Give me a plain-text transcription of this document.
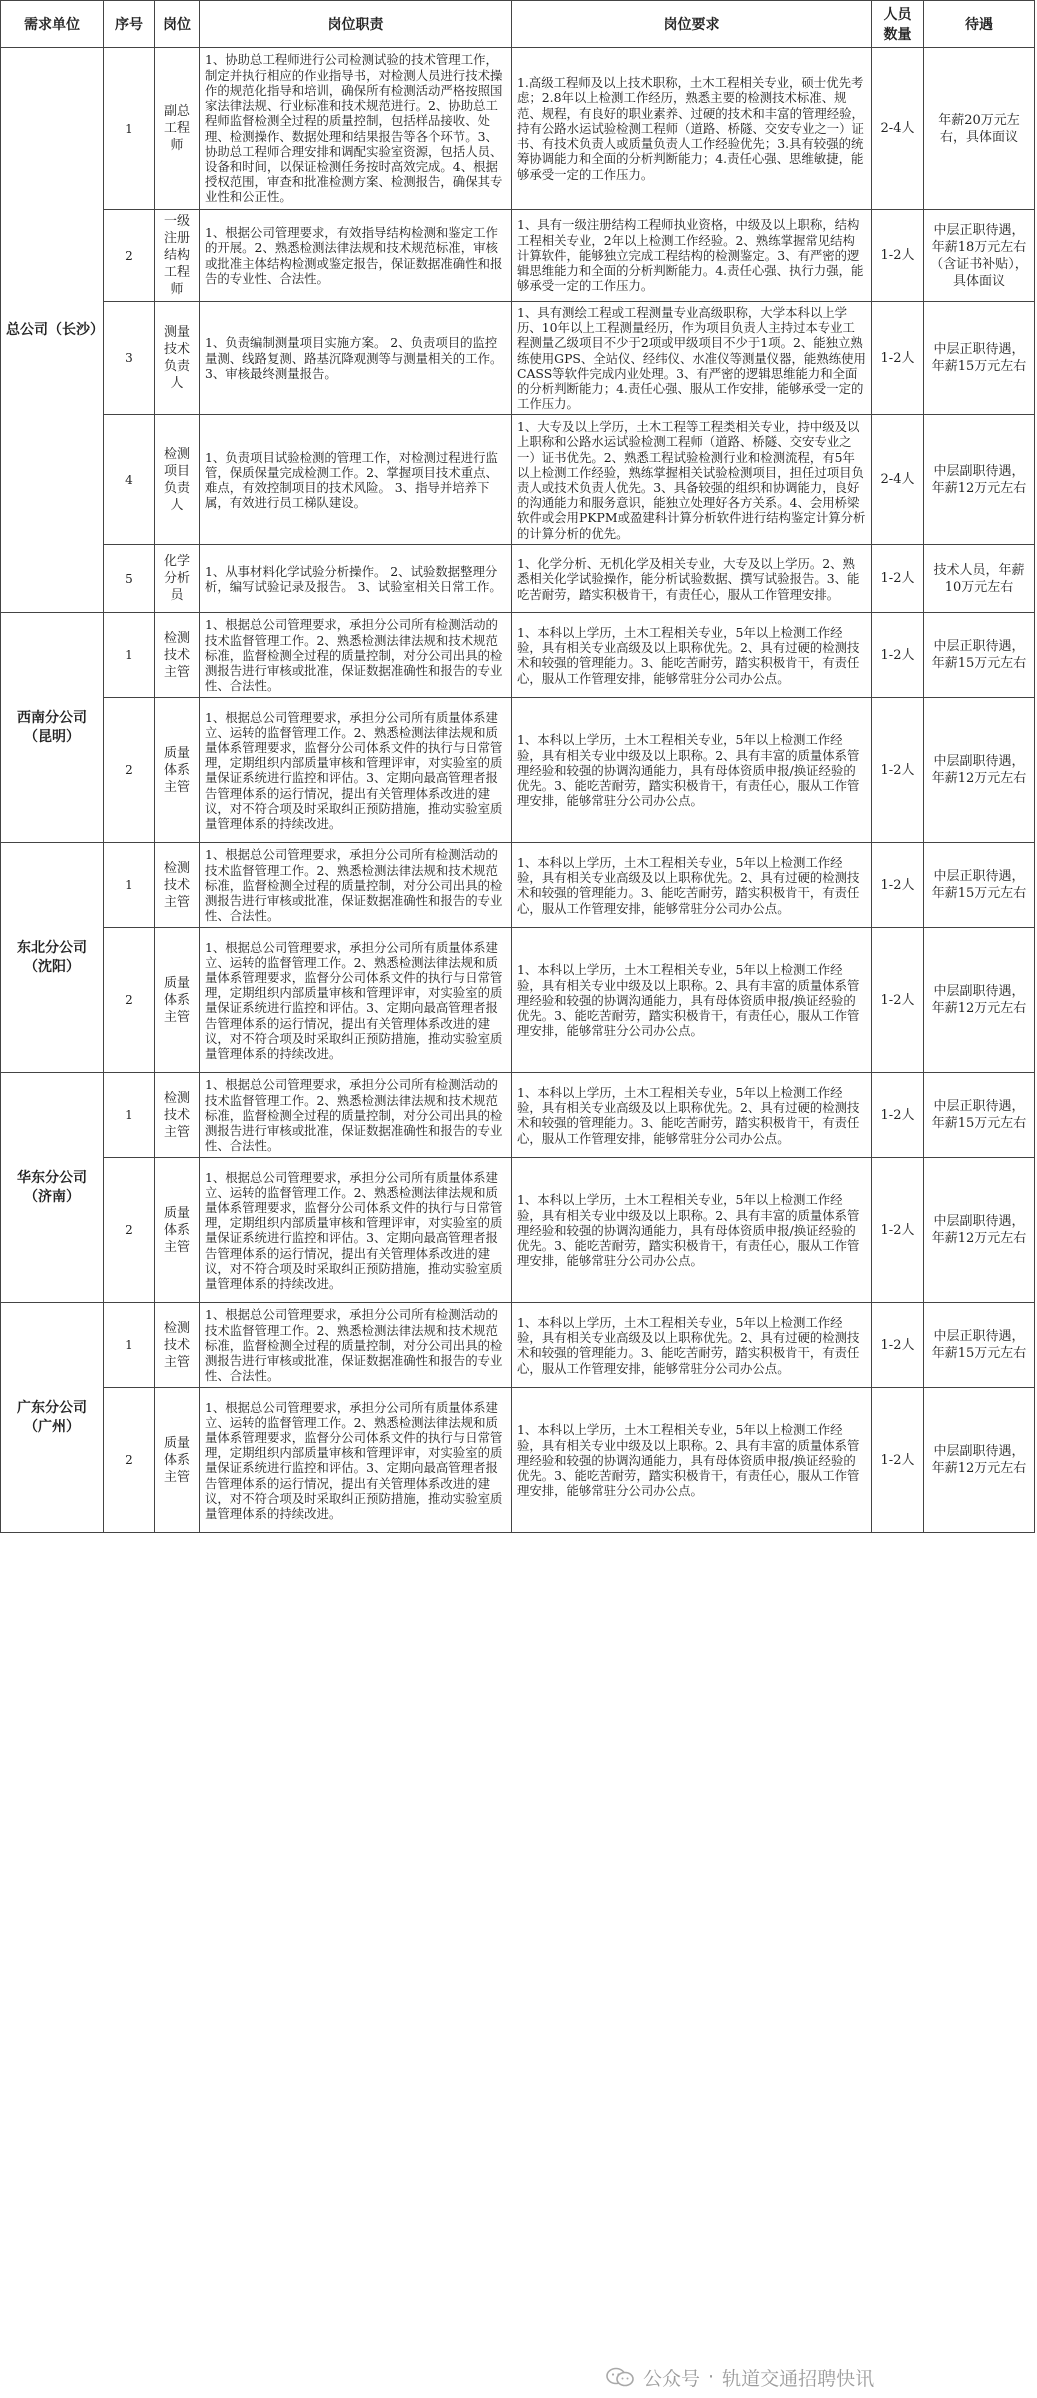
需求单位	序号	岗位	岗位职责	岗位要求	人员数量	待遇
总公司（长沙）	1	副总工程师	1、协助总工程师进行公司检测试验的技术管理工作，制定并执行相应的作业指导书，对检测人员进行技术操作的规范化指导和培训，确保所有检测活动严格按照国家法律法规、行业标准和技术规范进行。2、协助总工程师监督检测全过程的质量控制，包括样品接收、处理、检测操作、数据处理和结果报告等各个环节。3、协助总工程师合理安排和调配实验室资源，包括人员、设备和时间，以保证检测任务按时高效完成。4、根据授权范围，审查和批准检测方案、检测报告，确保其专业性和公正性。	1.高级工程师及以上技术职称，土木工程相关专业，硕士优先考虑；2.8年以上检测工作经历，熟悉主要的检测技术标准、规范、规程，有良好的职业素养、过硬的技术和丰富的管理经验，持有公路水运试验检测工程师（道路、桥隧、交安专业之一）证书、有技术负责人或质量负责人工作经验优先；3.具有较强的统筹协调能力和全面的分析判断能力；4.责任心强、思维敏捷，能够承受一定的工作压力。	2-4人	年薪20万元左右，具体面议
	2	一级注册结构工程师	1、根据公司管理要求，有效指导结构检测和鉴定工作的开展。2、熟悉检测法律法规和技术规范标准，审核或批准主体结构检测或鉴定报告，保证数据准确性和报告的专业性、合法性。	1、具有一级注册结构工程师执业资格，中级及以上职称，结构工程相关专业，2年以上检测工作经验。2、熟练掌握常见结构计算软件，能够独立完成工程结构的检测鉴定。3、有严密的逻辑思维能力和全面的分析判断能力。4.责任心强、执行力强，能够承受一定的工作压力。	1-2人	中层正职待遇，年薪18万元左右（含证书补贴），具体面议
	3	测量技术负责人	1、负责编制测量项目实施方案。 2、负责项目的监控量测、线路复测、路基沉降观测等与测量相关的工作。 3、审核最终测量报告。	1、具有测绘工程或工程测量专业高级职称，大学本科以上学历、10年以上工程测量经历，作为项目负责人主持过本专业工程测量乙级项目不少于2项或甲级项目不少于1项。2、能独立熟练使用GPS、全站仪、经纬仪、水准仪等测量仪器，能熟练使用CASS等软件完成内业处理。3、有严密的逻辑思维能力和全面的分析判断能力；4.责任心强、服从工作安排，能够承受一定的工作压力。	1-2人	中层正职待遇，年薪15万元左右
	4	检测项目负责人	1、负责项目试验检测的管理工作，对检测过程进行监管，保质保量完成检测工作。2、掌握项目技术重点、难点，有效控制项目的技术风险。 3、指导并培养下属，有效进行员工梯队建设。	1、大专及以上学历，土木工程等工程类相关专业，持中级及以上职称和公路水运试验检测工程师（道路、桥隧、交安专业之一）证书优先。2、熟悉工程试验检测行业和检测流程，有5年以上检测工作经验，熟练掌握相关试验检测项目，担任过项目负责人或技术负责人优先。3、具备较强的组织和协调能力，良好的沟通能力和服务意识，能独立处理好各方关系。4、会用桥梁软件或会用PKPM或盈建科计算分析软件进行结构鉴定计算分析的计算分析的优先。	2-4人	中层副职待遇，年薪12万元左右
	5	化学分析员	1、从事材料化学试验分析操作。 2、试验数据整理分析，编写试验记录及报告。 3、试验室相关日常工作。	1、化学分析、无机化学及相关专业，大专及以上学历。2、熟悉相关化学试验操作，能分析试验数据、撰写试验报告。3、能吃苦耐劳，踏实积极肯干，有责任心，服从工作管理安排。	1-2人	技术人员，年薪10万元左右
西南分公司（昆明）	1	检测技术主管	1、根据总公司管理要求，承担分公司所有检测活动的技术监督管理工作。2、熟悉检测法律法规和技术规范标准，监督检测全过程的质量控制，对分公司出具的检测报告进行审核或批准，保证数据准确性和报告的专业性、合法性。	1、本科以上学历，土木工程相关专业，5年以上检测工作经验，具有相关专业高级及以上职称优先。2、具有过硬的检测技术和较强的管理能力。3、能吃苦耐劳，踏实积极肯干，有责任心，服从工作管理安排，能够常驻分公司办公点。	1-2人	中层正职待遇，年薪15万元左右
	2	质量体系主管	1、根据总公司管理要求，承担分公司所有质量体系建立、运转的监督管理工作。2、熟悉检测法律法规和质量体系管理要求，监督分公司体系文件的执行与日常管理，定期组织内部质量审核和管理评审，对实验室的质量保证系统进行监控和评估。3、定期向最高管理者报告管理体系的运行情况，提出有关管理体系改进的建议，对不符合项及时采取纠正预防措施，推动实验室质量管理体系的持续改进。	1、本科以上学历，土木工程相关专业，5年以上检测工作经验，具有相关专业中级及以上职称。2、具有丰富的质量体系管理经验和较强的协调沟通能力，具有母体资质申报/换证经验的优先。3、能吃苦耐劳，踏实积极肯干，有责任心，服从工作管理安排，能够常驻分公司办公点。	1-2人	中层副职待遇，年薪12万元左右
东北分公司（沈阳）	1	检测技术主管	1、根据总公司管理要求，承担分公司所有检测活动的技术监督管理工作。2、熟悉检测法律法规和技术规范标准，监督检测全过程的质量控制，对分公司出具的检测报告进行审核或批准，保证数据准确性和报告的专业性、合法性。	1、本科以上学历，土木工程相关专业，5年以上检测工作经验，具有相关专业高级及以上职称优先。2、具有过硬的检测技术和较强的管理能力。3、能吃苦耐劳，踏实积极肯干，有责任心，服从工作管理安排，能够常驻分公司办公点。	1-2人	中层正职待遇，年薪15万元左右
	2	质量体系主管	1、根据总公司管理要求，承担分公司所有质量体系建立、运转的监督管理工作。2、熟悉检测法律法规和质量体系管理要求，监督分公司体系文件的执行与日常管理，定期组织内部质量审核和管理评审，对实验室的质量保证系统进行监控和评估。3、定期向最高管理者报告管理体系的运行情况，提出有关管理体系改进的建议，对不符合项及时采取纠正预防措施，推动实验室质量管理体系的持续改进。	1、本科以上学历，土木工程相关专业，5年以上检测工作经验，具有相关专业中级及以上职称。2、具有丰富的质量体系管理经验和较强的协调沟通能力，具有母体资质申报/换证经验的优先。3、能吃苦耐劳，踏实积极肯干，有责任心，服从工作管理安排，能够常驻分公司办公点。	1-2人	中层副职待遇，年薪12万元左右
华东分公司（济南）	1	检测技术主管	1、根据总公司管理要求，承担分公司所有检测活动的技术监督管理工作。2、熟悉检测法律法规和技术规范标准，监督检测全过程的质量控制，对分公司出具的检测报告进行审核或批准，保证数据准确性和报告的专业性、合法性。	1、本科以上学历，土木工程相关专业，5年以上检测工作经验，具有相关专业高级及以上职称优先。2、具有过硬的检测技术和较强的管理能力。3、能吃苦耐劳，踏实积极肯干，有责任心，服从工作管理安排，能够常驻分公司办公点。	1-2人	中层正职待遇，年薪15万元左右
	2	质量体系主管	1、根据总公司管理要求，承担分公司所有质量体系建立、运转的监督管理工作。2、熟悉检测法律法规和质量体系管理要求，监督分公司体系文件的执行与日常管理，定期组织内部质量审核和管理评审，对实验室的质量保证系统进行监控和评估。3、定期向最高管理者报告管理体系的运行情况，提出有关管理体系改进的建议，对不符合项及时采取纠正预防措施，推动实验室质量管理体系的持续改进。	1、本科以上学历，土木工程相关专业，5年以上检测工作经验，具有相关专业中级及以上职称。2、具有丰富的质量体系管理经验和较强的协调沟通能力，具有母体资质申报/换证经验的优先。3、能吃苦耐劳，踏实积极肯干，有责任心，服从工作管理安排，能够常驻分公司办公点。	1-2人	中层副职待遇，年薪12万元左右
广东分公司（广州）	1	检测技术主管	1、根据总公司管理要求，承担分公司所有检测活动的技术监督管理工作。2、熟悉检测法律法规和技术规范标准，监督检测全过程的质量控制，对分公司出具的检测报告进行审核或批准，保证数据准确性和报告的专业性、合法性。	1、本科以上学历，土木工程相关专业，5年以上检测工作经验，具有相关专业高级及以上职称优先。2、具有过硬的检测技术和较强的管理能力。3、能吃苦耐劳，踏实积极肯干，有责任心，服从工作管理安排，能够常驻分公司办公点。	1-2人	中层正职待遇，年薪15万元左右
	2	质量体系主管	1、根据总公司管理要求，承担分公司所有质量体系建立、运转的监督管理工作。2、熟悉检测法律法规和质量体系管理要求，监督分公司体系文件的执行与日常管理，定期组织内部质量审核和管理评审，对实验室的质量保证系统进行监控和评估。3、定期向最高管理者报告管理体系的运行情况，提出有关管理体系改进的建议，对不符合项及时采取纠正预防措施，推动实验室质量管理体系的持续改进。	1、本科以上学历，土木工程相关专业，5年以上检测工作经验，具有相关专业中级及以上职称。2、具有丰富的质量体系管理经验和较强的协调沟通能力，具有母体资质申报/换证经验的优先。3、能吃苦耐劳，踏实积极肯干，有责任心，服从工作管理安排，能够常驻分公司办公点。	1-2人	中层副职待遇，年薪12万元左右
公众号 · 轨道交通招聘快讯
